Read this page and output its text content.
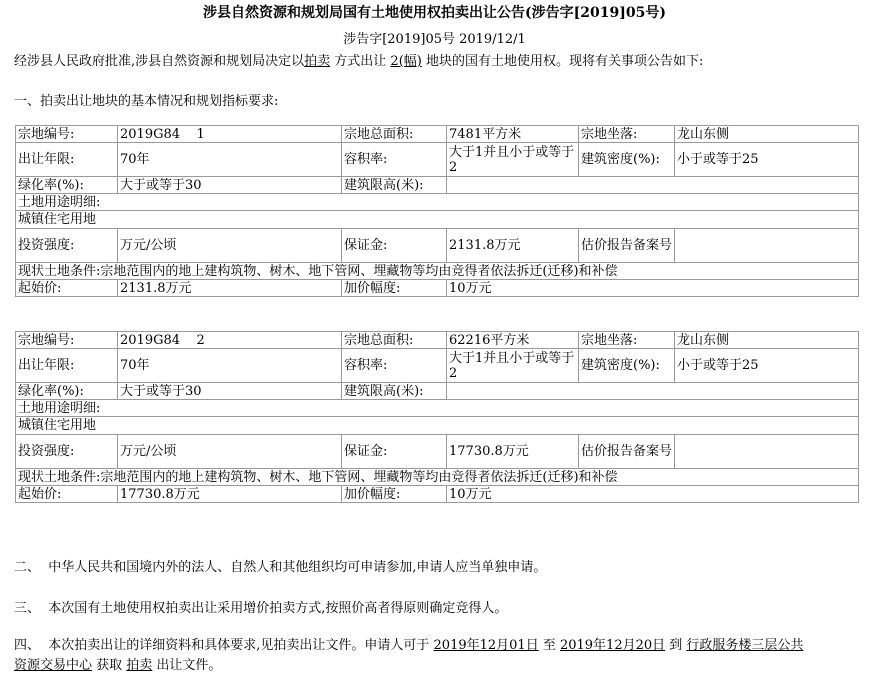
涉县自然资源和规划局国有土地使用权拍卖出让公告(涉告字[2019]05号)
涉告字[2019]05号 2019/12/1
经涉县人民政府批准,涉县自然资源和规划局决定以拍卖 方式出让 2(幅) 地块的国有土地使用权。现将有关事项公告如下:
一、拍卖出让地块的基本情况和规划指标要求:
宗地编号:	2019G84    1	宗地总面积:	7481平方米	宗地坐落:	龙山东侧
出让年限:	70年	容积率:	大于1并且小于或等于2	建筑密度(%):	小于或等于25
绿化率(%):	大于或等于30	建筑限高(米):			
土地用途明细:					
城镇住宅用地					
投资强度:	万元/公顷	保证金:	2131.8万元	估价报告备案号	
现状土地条件:宗地范围内的地上建构筑物、树木、地下管网、埋藏物等均由竞得者依法拆迁(迁移)和补偿					
起始价:	2131.8万元	加价幅度:	10万元		
宗地编号:	2019G84    2	宗地总面积:	62216平方米	宗地坐落:	龙山东侧
出让年限:	70年	容积率:	大于1并且小于或等于2	建筑密度(%):	小于或等于25
绿化率(%):	大于或等于30	建筑限高(米):			
土地用途明细:					
城镇住宅用地					
投资强度:	万元/公顷	保证金:	17730.8万元	估价报告备案号	
现状土地条件:宗地范围内的地上建构筑物、树木、地下管网、埋藏物等均由竞得者依法拆迁(迁移)和补偿					
起始价:	17730.8万元	加价幅度:	10万元		
二、  中华人民共和国境内外的法人、自然人和其他组织均可申请参加,申请人应当单独申请。
三、  本次国有土地使用权拍卖出让采用增价拍卖方式,按照价高者得原则确定竞得人。
四、  本次拍卖出让的详细资料和具体要求,见拍卖出让文件。申请人可于 2019年12月01日 至 2019年12月20日 到 行政服务楼三层公共
资源交易中心 获取 拍卖 出让文件。
